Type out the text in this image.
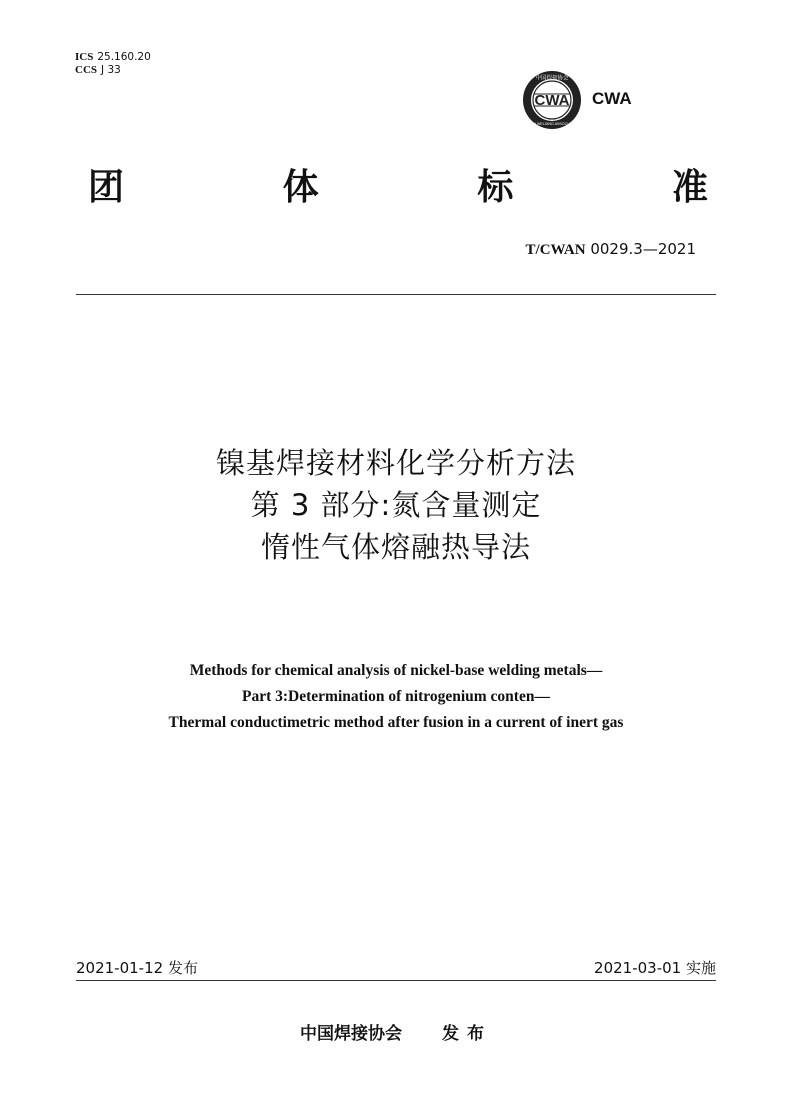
ICS 25.160.20
CCS J 33
CWA
中国焊接协会
CHINA WELDING ASSOCIATION
CWA
团	体	标	准
T/CWAN 0029.3—2021
镍基焊接材料化学分析方法
第 3 部分:氮含量测定
惰性气体熔融热导法
Methods for chemical analysis of nickel-base welding metals—
Part 3:Determination of nitrogenium conten—
Thermal conductimetric method after fusion in a current of inert gas
2021-01-12 发布	2021-03-01 实施
中国焊接协会 发布
